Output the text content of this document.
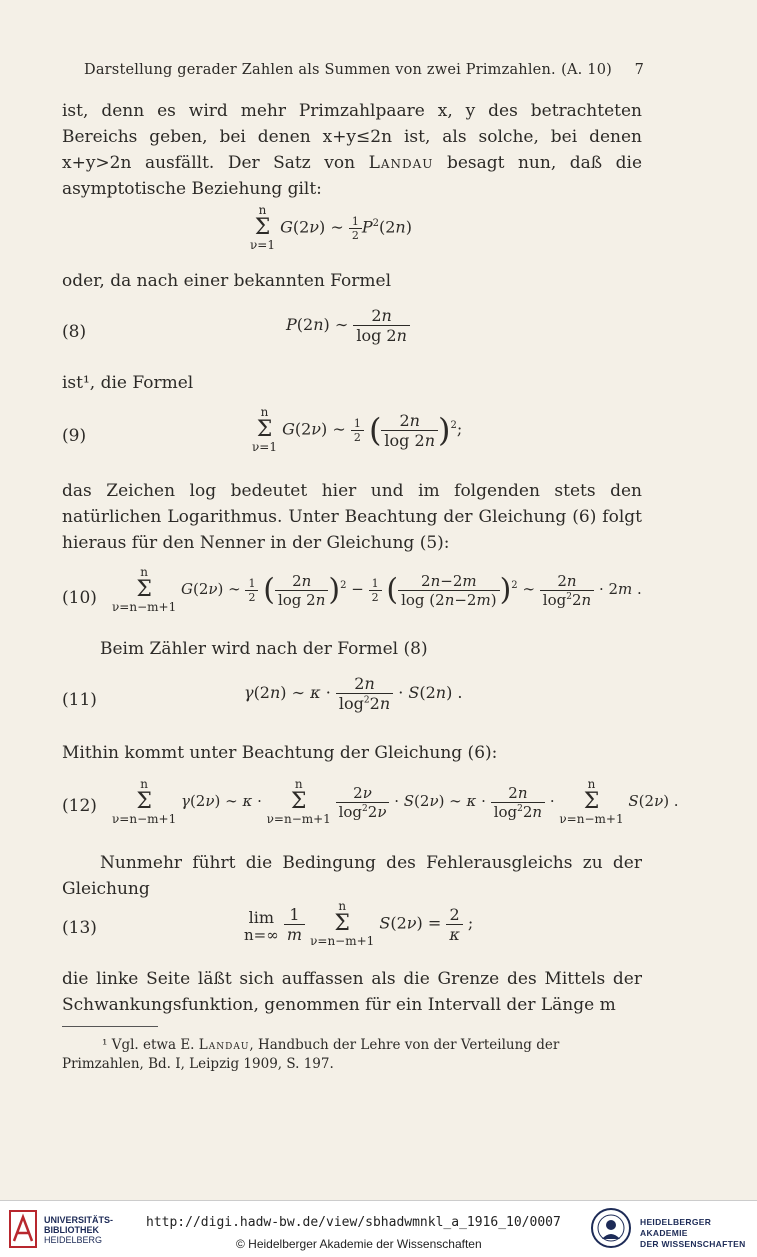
Darstellung gerader Zahlen als Summen von zwei Primzahlen. (A. 10) 7
ist, denn es wird mehr Primzahlpaare x, y des betrachteten Bereichs geben, bei denen x+y≤2n ist, als solche, bei denen x+y>2n ausfällt. Der Satz von Landau besagt nun, daß die asymptotische Beziehung gilt:
n
Σ
ν=1 G(2ν) ∼ $\frac{1}{2} P^2(2n)$
oder, da nach einer bekannten Formel
(8)	P(2n) ∼ $\frac{2n}{\log 2n}$
ist¹, die Formel
(9)
n
Σ
ν=1 G(2ν) ∼ $\frac{1}{2}$ ( $\frac{2n}{\log 2n} )^2$;
das Zeichen log bedeutet hier und im folgenden stets den natürlichen Logarithmus. Unter Beachtung der Gleichung (6) folgt hieraus für den Nenner in der Gleichung (5):
(10)
n
Σ
ν=n−m+1 G(2ν) ∼ $\frac{1}{2}$ ( $\frac{2n}{\log 2n} )^2 - \frac{1}{2}$ ( $\frac{2n-2m}{\log (2n-2m)} )^2$ ∼ $\frac{2n}{\log^22n} \cdot 2m$ .
Beim Zähler wird nach der Formel (8)
(11)	γ(2n) ∼ $\kappa \cdot \frac{2n}{\log^22n} \cdot S(2n)$ .
Mithin kommt unter Beachtung der Gleichung (6):
(12)
n
Σ
ν=n−m+1 γ(2ν) ∼ κ · n
Σ
$\nu=n-m+1 \frac{2\nu}{\log^22\nu} \cdot S(2\nu)$ ∼ $\kappa \cdot \frac{2n}{\log^22n} \cdot n$
Σ
ν=n−m+1 S(2ν) .
Nunmehr führt die Bedingung des Fehlerausgleichs zu der Gleichung
(13)
lim
$n=\infty \frac{1}{m}$	n
Σ
ν=n−m+1 $S(2\nu) = \frac{2}{\kappa}$ ;
die linke Seite läßt sich auffassen als die Grenze des Mittels der Schwankungsfunktion, genommen für ein Intervall der Länge m
¹ Vgl. etwa E. Landau, Handbuch der Lehre von der Verteilung der Primzahlen, Bd. I, Leipzig 1909, S. 197.
UNIVERSITÄTS-
BIBLIOTHEK
HEIDELBERG
http://digi.hadw-bw.de/view/sbhadwmnkl_a_1916_10/0007
© Heidelberger Akademie der Wissenschaften
HEIDELBERGER AKADEMIE
DER WISSENSCHAFTEN
